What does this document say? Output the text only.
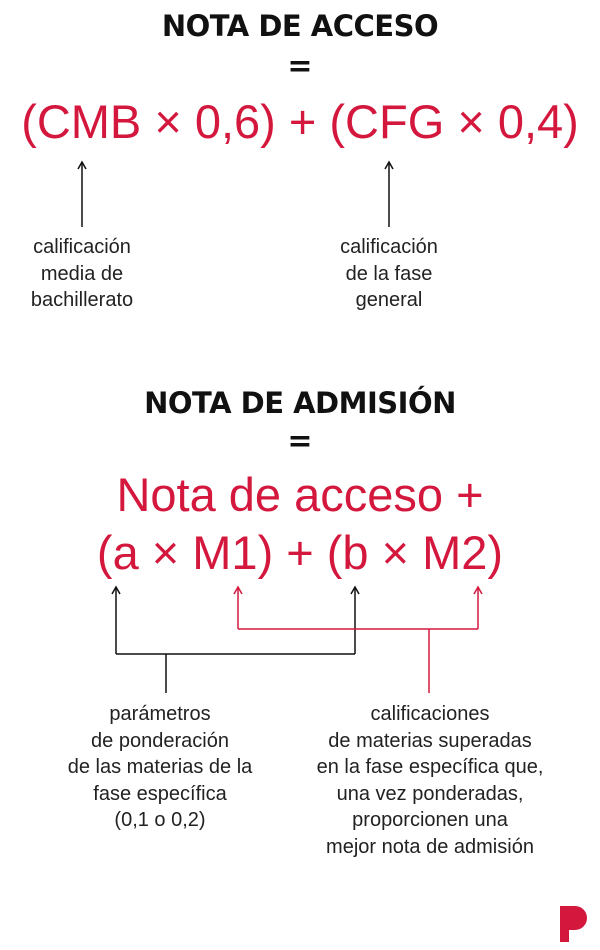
NOTA DE ACCESO
=
(CMB × 0,6) + (CFG × 0,4)
calificación
media de
bachillerato
calificación
de la fase
general
NOTA DE ADMISIÓN
=
Nota de acceso +
(a × M1) + (b × M2)
parámetros
de ponderación
de las materias de la
fase específica
(0,1 o 0,2)
calificaciones
de materias superadas
en la fase específica que,
una vez ponderadas,
proporcionen una
mejor nota de admisión
